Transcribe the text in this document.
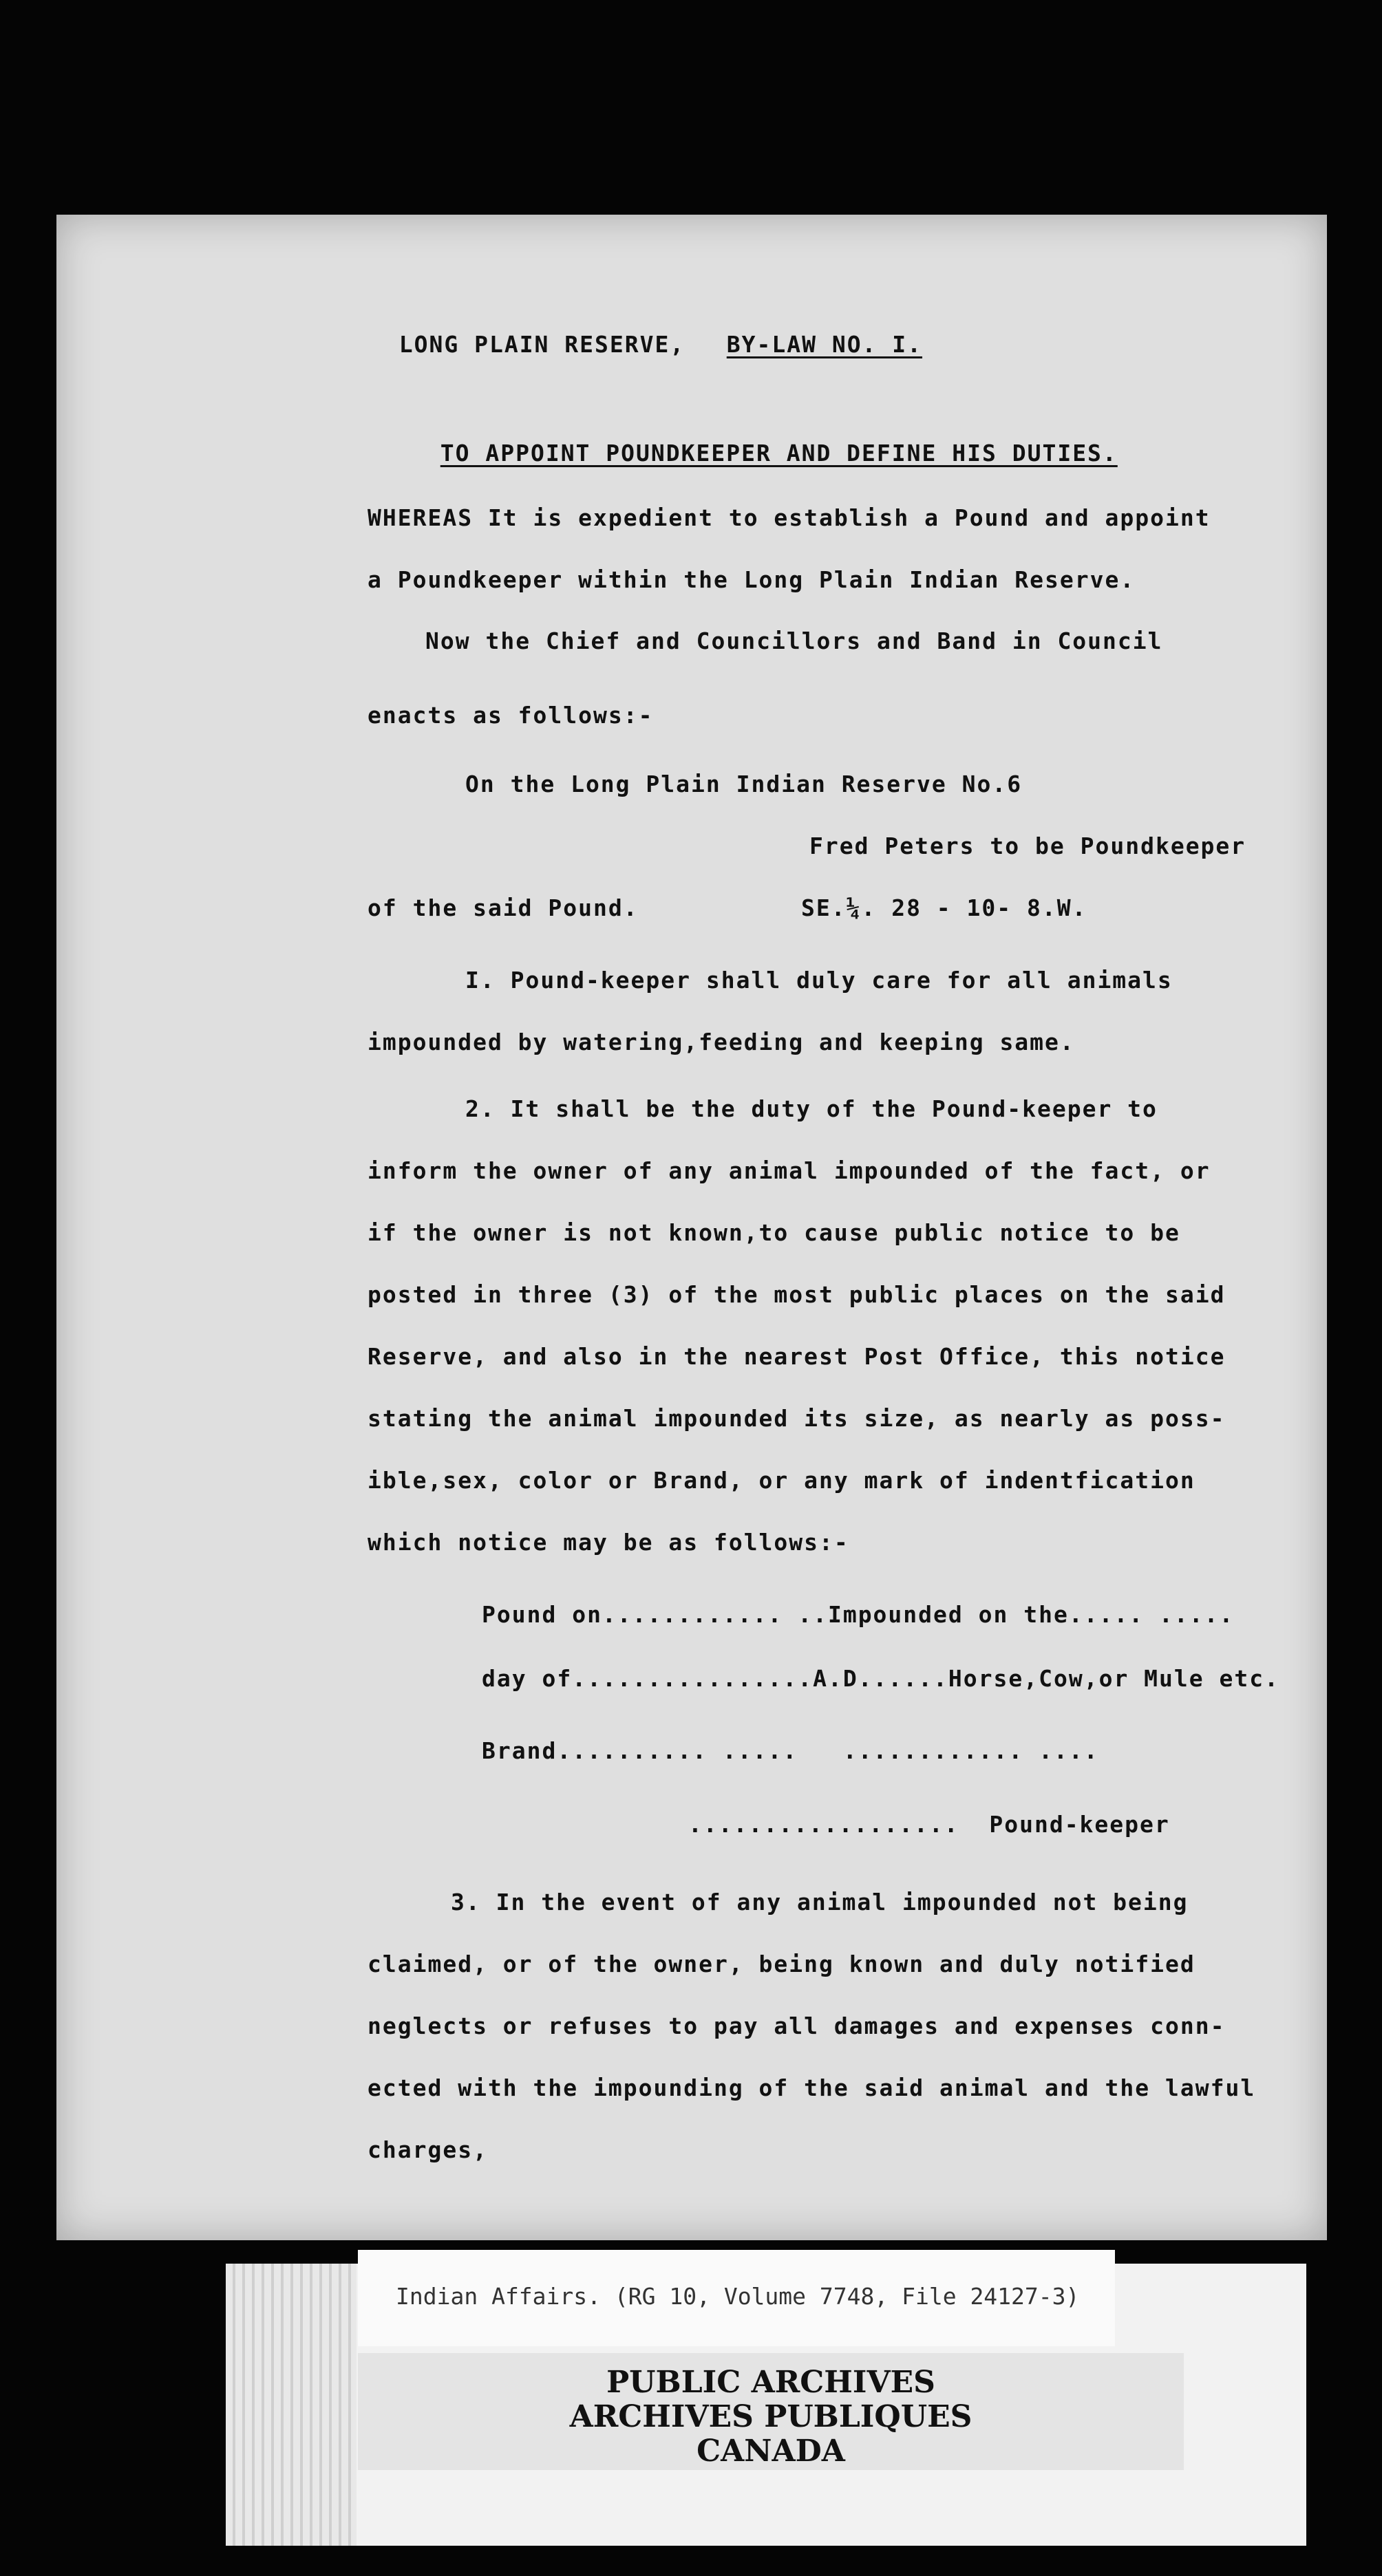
LONG PLAIN RESERVE,	BY-LAW NO. I.

TO APPOINT POUNDKEEPER AND DEFINE HIS DUTIES.

WHEREAS It is expedient to establish a Pound and appoint
a Poundkeeper within the Long Plain Indian Reserve.
Now the Chief and Councillors and Band in Council
enacts as follows:-
On the Long Plain Indian Reserve No.6
Fred Peters to be Poundkeeper
of the said Pound.	SE.¼. 28 - 10- 8.W.
I. Pound-keeper shall duly care for all animals
impounded by watering,feeding and keeping same.
2. It shall be the duty of the Pound-keeper to
inform the owner of any animal impounded of the fact, or
if the owner is not known,to cause public notice to be
posted in three (3) of the most public places on the said
Reserve, and also in the nearest Post Office, this notice
stating the animal impounded its size, as nearly as poss-
ible,sex, color or Brand, or any mark of indentfication
which notice may be as follows:-
Pound on............ ..Impounded on the..... .....
day of................A.D......Horse,Cow,or Mule etc.
Brand.......... .....   ............ ....
..................  Pound-keeper
3. In the event of any animal impounded not being
claimed, or of the owner, being known and duly notified
neglects or refuses to pay all damages and expenses conn-
ected with the impounding of the said animal and the lawful
charges,
Indian Affairs. (RG 10, Volume 7748, File 24127-3)
PUBLIC ARCHIVES
ARCHIVES PUBLIQUES
CANADA
